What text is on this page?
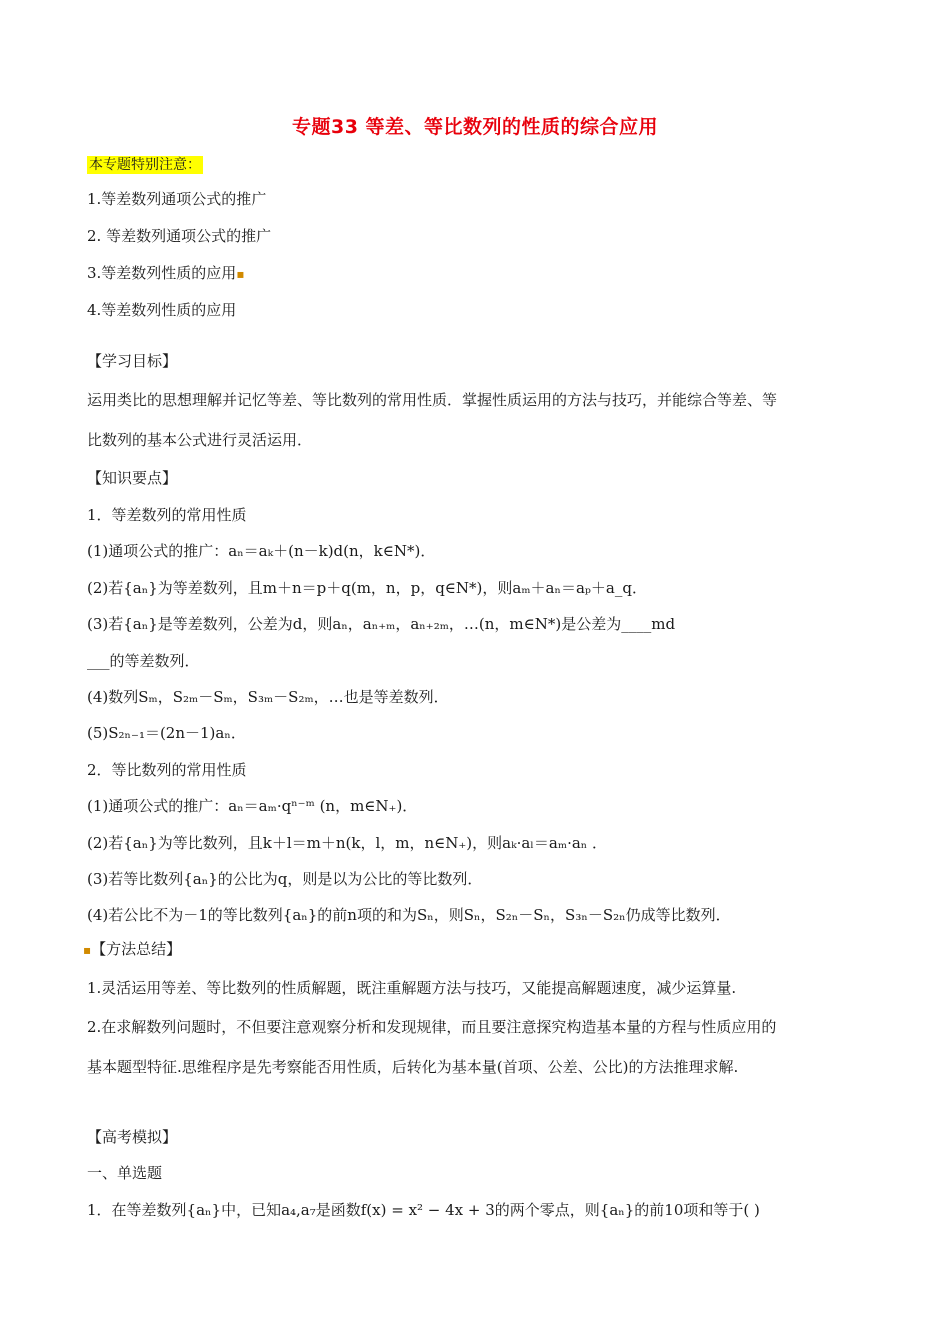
专题33 等差、等比数列的性质的综合应用
本专题特别注意：
1.等差数列通项公式的推广
2. 等差数列通项公式的推广
3.等差数列性质的应用▪
4.等差数列性质的应用
【学习目标】
运用类比的思想理解并记忆等差、等比数列的常用性质．掌握性质运用的方法与技巧，并能综合等差、等
比数列的基本公式进行灵活运用．
【知识要点】
1．等差数列的常用性质
(1)通项公式的推广：aₙ＝aₖ＋(n－k)d(n，k∈N*)．
(2)若{aₙ}为等差数列，且m＋n＝p＋q(m，n，p，q∈N*)，则aₘ＋aₙ＝aₚ＋a_q．
(3)若{aₙ}是等差数列，公差为d，则aₙ，aₙ₊ₘ，aₙ₊₂ₘ，…(n，m∈N*)是公差为____md
___的等差数列．
(4)数列Sₘ，S₂ₘ－Sₘ，S₃ₘ－S₂ₘ，…也是等差数列．
(5)S₂ₙ₋₁＝(2n－1)aₙ．
2．等比数列的常用性质
(1)通项公式的推广：aₙ＝aₘ·qⁿ⁻ᵐ (n，m∈N₊)．
(2)若{aₙ}为等比数列，且k＋l＝m＋n(k，l，m，n∈N₊)，则aₖ·aₗ＝aₘ·aₙ ．
(3)若等比数列{aₙ}的公比为q，则是以为公比的等比数列．
(4)若公比不为－1的等比数列{aₙ}的前n项的和为Sₙ，则Sₙ，S₂ₙ－Sₙ，S₃ₙ－S₂ₙ仍成等比数列．
▪【方法总结】
1.灵活运用等差、等比数列的性质解题，既注重解题方法与技巧，又能提高解题速度，减少运算量.
2.在求解数列问题时，不但要注意观察分析和发现规律，而且要注意探究构造基本量的方程与性质应用的
基本题型特征.思维程序是先考察能否用性质，后转化为基本量(首项、公差、公比)的方法推理求解.
【高考模拟】
一、单选题
1．在等差数列{aₙ}中，已知a₄,a₇是函数f(x) = x² − 4x + 3的两个零点，则{aₙ}的前10项和等于( )
